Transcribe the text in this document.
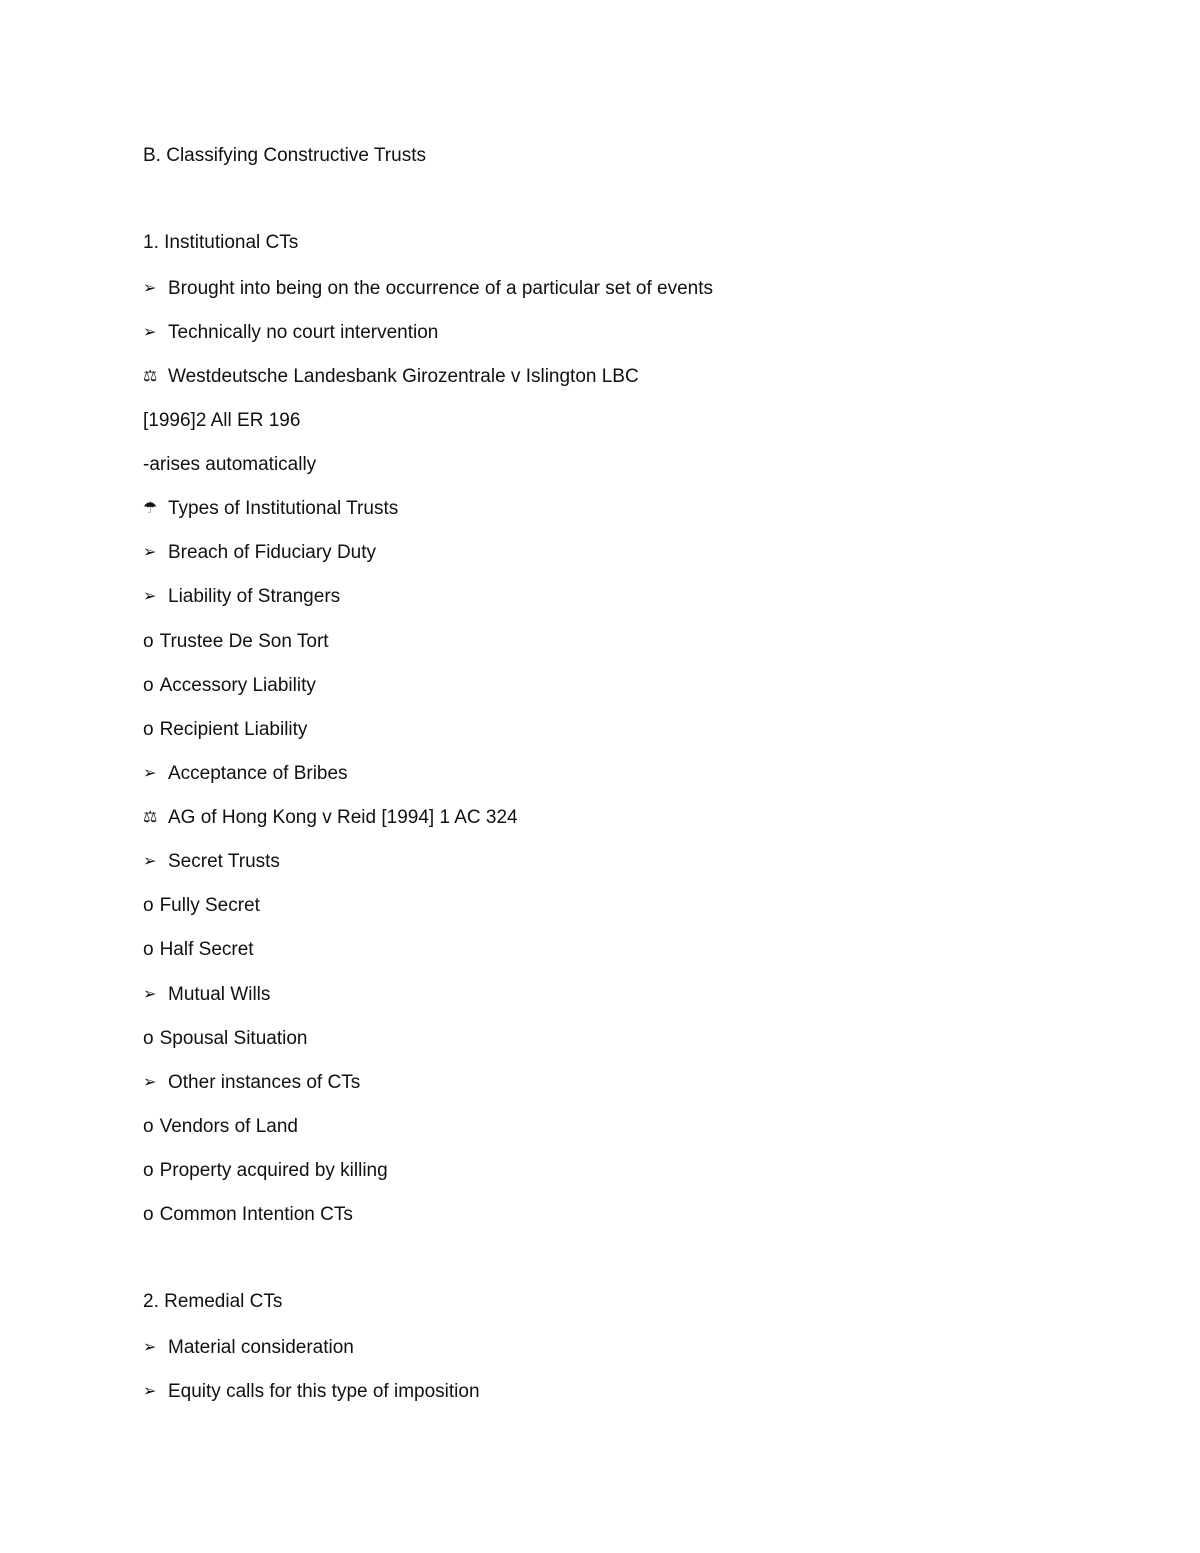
B. Classifying Constructive Trusts
1. Institutional CTs
➢ Brought into being on the occurrence of a particular set of events
➢ Technically no court intervention
⚖ Westdeutsche Landesbank Girozentrale v Islington LBC
[1996]2 All ER 196
-arises automatically
☂ Types of Institutional Trusts
➢ Breach of Fiduciary Duty
➢ Liability of Strangers
o Trustee De Son Tort
o Accessory Liability
o Recipient Liability
➢ Acceptance of Bribes
⚖ AG of Hong Kong v Reid [1994] 1 AC 324
➢ Secret Trusts
o Fully Secret
o Half Secret
➢ Mutual Wills
o Spousal Situation
➢ Other instances of CTs
o Vendors of Land
o Property acquired by killing
o Common Intention CTs
2. Remedial CTs
➢ Material consideration
➢ Equity calls for this type of imposition
